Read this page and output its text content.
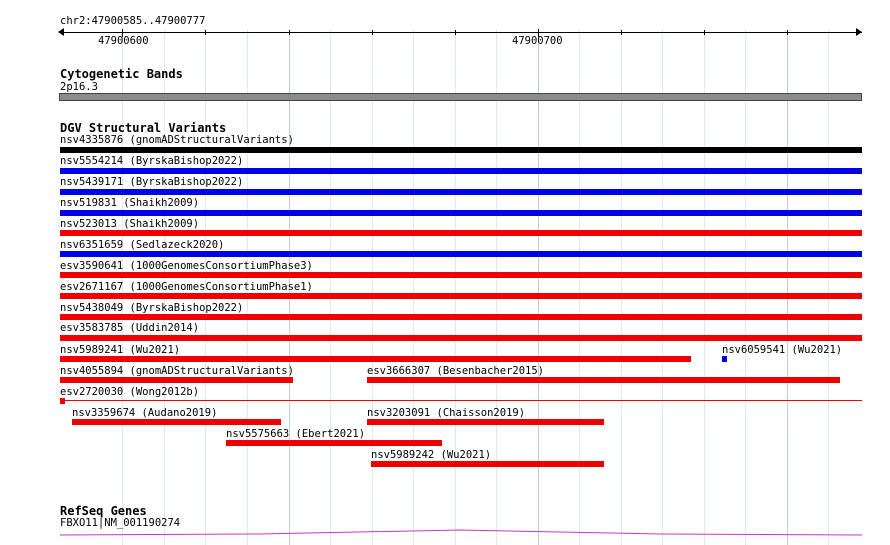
chr2:47900585..47900777
47900600	47900700
Cytogenetic Bands
2p16.3
DGV Structural Variants
nsv4335876 (gnomADStructuralVariants)
nsv5554214 (ByrskaBishop2022)
nsv5439171 (ByrskaBishop2022)
nsv519831 (Shaikh2009)
nsv523013 (Shaikh2009)
nsv6351659 (Sedlazeck2020)
esv3590641 (1000GenomesConsortiumPhase3)
esv2671167 (1000GenomesConsortiumPhase1)
nsv5438049 (ByrskaBishop2022)
esv3583785 (Uddin2014)
nsv5989241 (Wu2021)	nsv6059541 (Wu2021)
nsv4055894 (gnomADStructuralVariants)	esv3666307 (Besenbacher2015)
esv2720030 (Wong2012b)
nsv3359674 (Audano2019)	nsv3203091 (Chaisson2019)
nsv5575663 (Ebert2021)
nsv5989242 (Wu2021)
RefSeq Genes
FBXO11|NM_001190274
